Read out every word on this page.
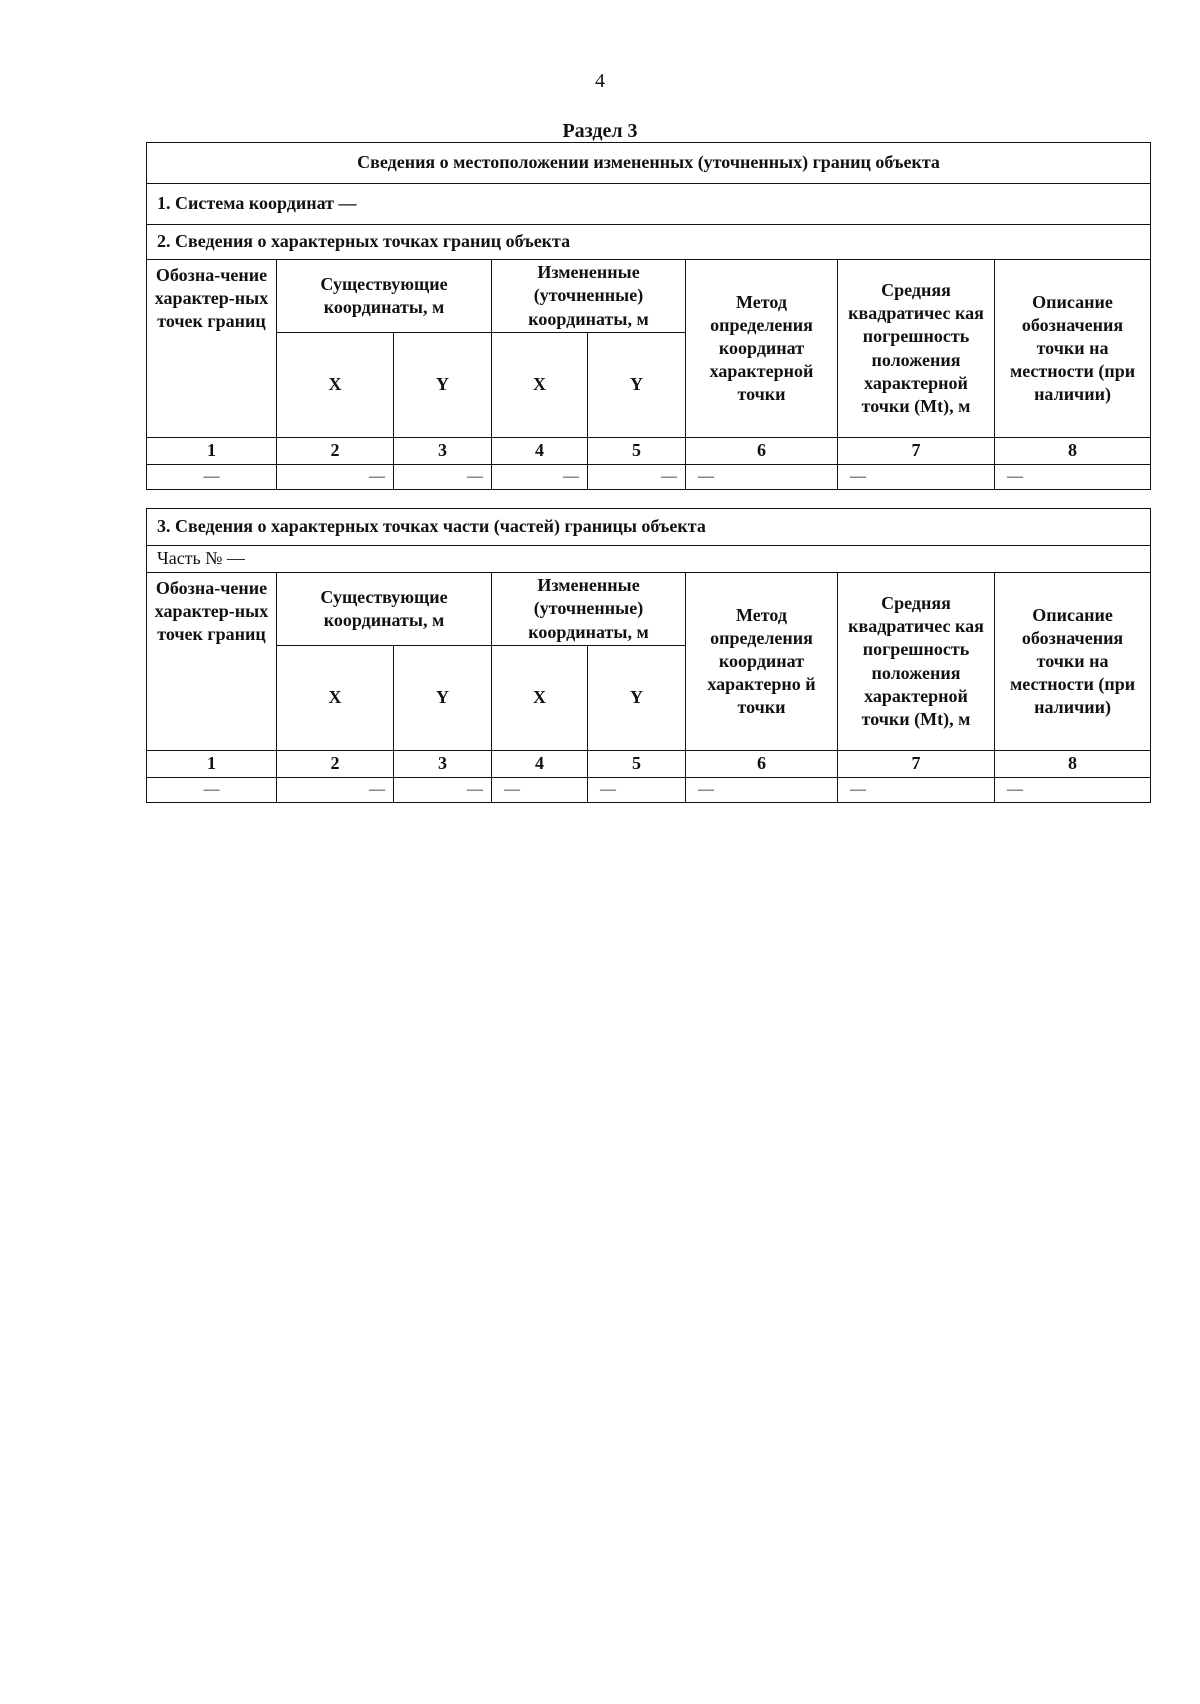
4
Раздел 3
Сведения о местоположении измененных (уточненных) границ объекта							
1. Система координат —							
2. Сведения о характерных точках границ объекта							
Обозна-чение характер-ных точек границ	Существующие координаты, м		Измененные (уточненные) координаты, м		Метод определения координат характерной точки	Средняя квадратичес кая погрешность положения характерной точки (Mt), м	Описание обозначения точки на местности (при наличии)
	X	Y	X	Y			
1	2	3	4	5	6	7	8
—	—	—	—	—	—	—	—
3. Сведения о характерных точках части (частей) границы объекта							
Часть № —							
Обозна-чение характер-ных точек границ	Существующие координаты, м		Измененные (уточненные) координаты, м		Метод определения координат характерно й точки	Средняя квадратичес кая погрешность положения характерной точки (Mt), м	Описание обозначения точки на местности (при наличии)
	X	Y	X	Y			
1	2	3	4	5	6	7	8
—	—	—	—	—	—	—	—
